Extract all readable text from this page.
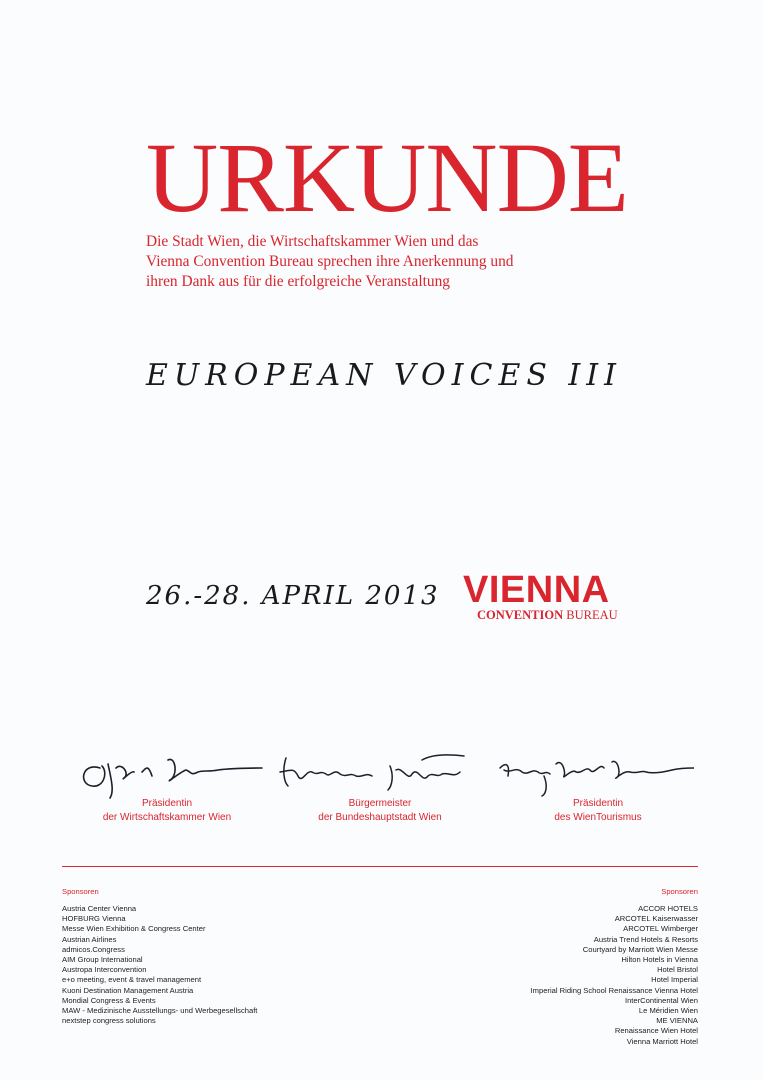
URKUNDE
Die Stadt Wien, die Wirtschaftskammer Wien und das
Vienna Convention Bureau sprechen ihre Anerkennung und
ihren Dank aus für die erfolgreiche Veranstaltung
EUROPEAN VOICES III
26.-28. APRIL 2013 VIENNA
CONVENTION BUREAU
Präsidentin
der Wirtschaftskammer Wien
Bürgermeister
der Bundeshauptstadt Wien
Präsidentin
des WienTourismus
Sponsoren	Sponsoren
Austria Center Vienna
HOFBURG Vienna
Messe Wien Exhibition & Congress Center
Austrian Airlines
admicos.Congress
AIM Group International
Austropa Interconvention
e+o meeting, event & travel management
Kuoni Destination Management Austria
Mondial Congress & Events
MAW - Medizinische Ausstellungs- und Werbegesellschaft
nextstep congress solutions
ACCOR HOTELS
ARCOTEL Kaiserwasser
ARCOTEL Wimberger
Austria Trend Hotels & Resorts
Courtyard by Marriott Wien Messe
Hilton Hotels in Vienna
Hotel Bristol
Hotel Imperial
Imperial Riding School Renaissance Vienna Hotel
InterContinental Wien
Le Méridien Wien
ME VIENNA
Renaissance Wien Hotel
Vienna Marriott Hotel
